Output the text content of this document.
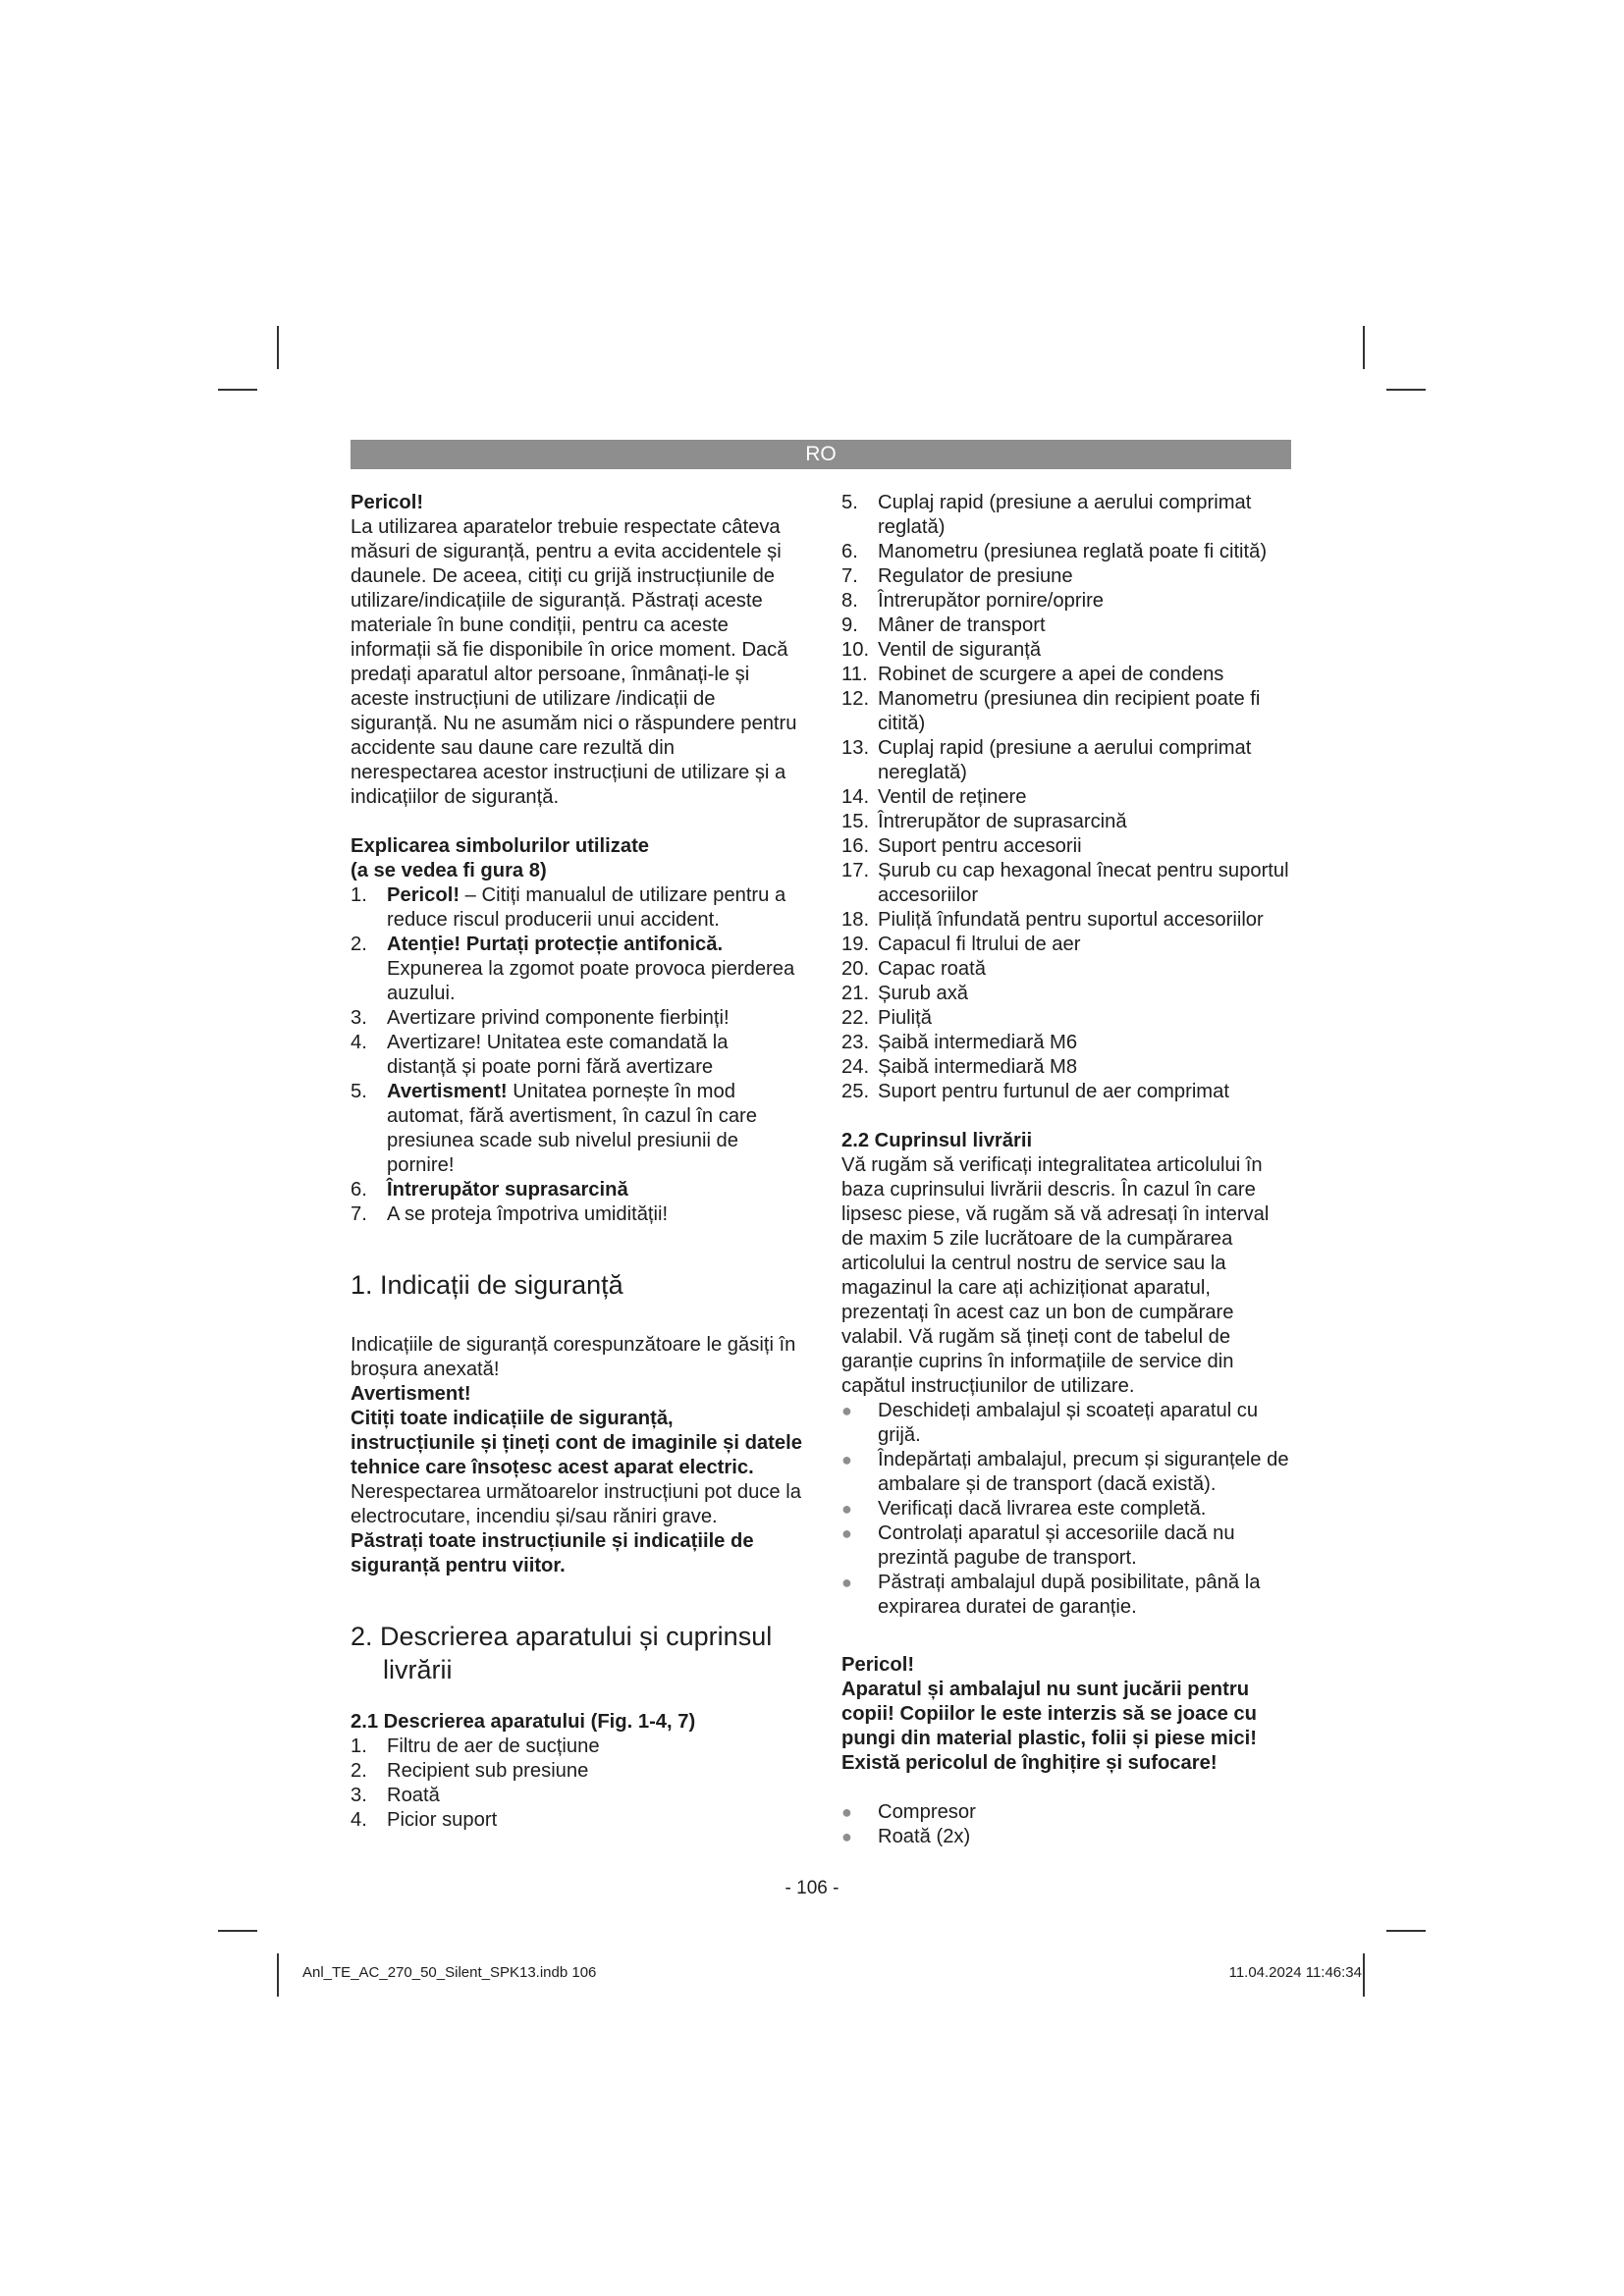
RO

Pericol!

La utilizarea aparatelor trebuie respectate câteva măsuri de siguranță, pentru a evita accidentele și daunele. De aceea, citiți cu grijă instrucțiunile de utilizare/indicațiile de siguranță. Păstrați aceste materiale în bune condiții, pentru ca aceste informații să fie disponibile în orice moment. Dacă predați aparatul altor persoane, înmânați-le și aceste instrucțiuni de utilizare /indicații de siguranță. Nu ne asumăm nici o răspundere pentru accidente sau daune care rezultă din nerespectarea acestor instrucțiuni de utilizare și a indicațiilor de siguranță.

Explicarea simbolurilor utilizate

(a se vedea fi gura 8)

1. Pericol! – Citiți manualul de utilizare pentru a reduce riscul producerii unui accident.
2. Atenție! Purtați protecție antifonică. Expunerea la zgomot poate provoca pierderea auzului.
3. Avertizare privind componente fierbinți!
4. Avertizare! Unitatea este comandată la distanță și poate porni fără avertizare
5. Avertisment! Unitatea pornește în mod automat, fără avertisment, în cazul în care presiunea scade sub nivelul presiunii de pornire!
6. Întrerupător suprasarcină
7. A se proteja împotriva umidității!
1. Indicații de siguranță

Indicațiile de siguranță corespunzătoare le găsiți în broșura anexată!

Avertisment!

Citiți toate indicațiile de siguranță, instrucțiunile și țineți cont de imaginile și datele tehnice care însoțesc acest aparat electric. Nerespectarea următoarelor instrucțiuni pot duce la electrocutare, incendiu și/sau răniri grave.

Păstrați toate instrucțiunile și indicațiile de siguranță pentru viitor.

2. Descrierea aparatului și cuprinsul
livrării

2.1 Descrierea aparatului (Fig. 1-4, 7)

1. Filtru de aer de sucțiune
2. Recipient sub presiune
3. Roată
4. Picior suport
5. Cuplaj rapid (presiune a aerului comprimat reglată)
6. Manometru (presiunea reglată poate fi citită)
7. Regulator de presiune
8. Întrerupător pornire/oprire
9. Mâner de transport
10. Ventil de siguranță
11. Robinet de scurgere a apei de condens
12. Manometru (presiunea din recipient poate fi citită)
13. Cuplaj rapid (presiune a aerului comprimat nereglată)
14. Ventil de reținere
15. Întrerupător de suprasarcină
16. Suport pentru accesorii
17. Șurub cu cap hexagonal înecat pentru suportul accesoriilor
18. Piuliță înfundată pentru suportul accesoriilor
19. Capacul fi ltrului de aer
20. Capac roată
21. Șurub axă
22. Piuliță
23. Șaibă intermediară M6
24. Șaibă intermediară M8
25. Suport pentru furtunul de aer comprimat

2.2 Cuprinsul livrării

Vă rugăm să verificați integralitatea articolului în baza cuprinsului livrării descris. În cazul în care lipsesc piese, vă rugăm să vă adresați în interval de maxim 5 zile lucrătoare de la cumpărarea articolului la centrul nostru de service sau la magazinul la care ați achiziționat aparatul, prezentați în acest caz un bon de cumpărare valabil. Vă rugăm să țineți cont de tabelul de garanție cuprins în informațiile de service din capătul instrucțiunilor de utilizare.

● Deschideți ambalajul și scoateți aparatul cu grijă.
● Îndepărtați ambalajul, precum și siguranțele de ambalare și de transport (dacă există).
● Verificați dacă livrarea este completă.
● Controlați aparatul și accesoriile dacă nu prezintă pagube de transport.
● Păstrați ambalajul după posibilitate, până la expirarea duratei de garanție.

Pericol!

Aparatul și ambalajul nu sunt jucării pentru copii! Copiilor le este interzis să se joace cu pungi din material plastic, folii și piese mici! Există pericolul de înghițire și sufocare!

● Compresor
● Roată (2x)
- 106 -
Anl_TE_AC_270_50_Silent_SPK13.indb 106	11.04.2024 11:46:34
